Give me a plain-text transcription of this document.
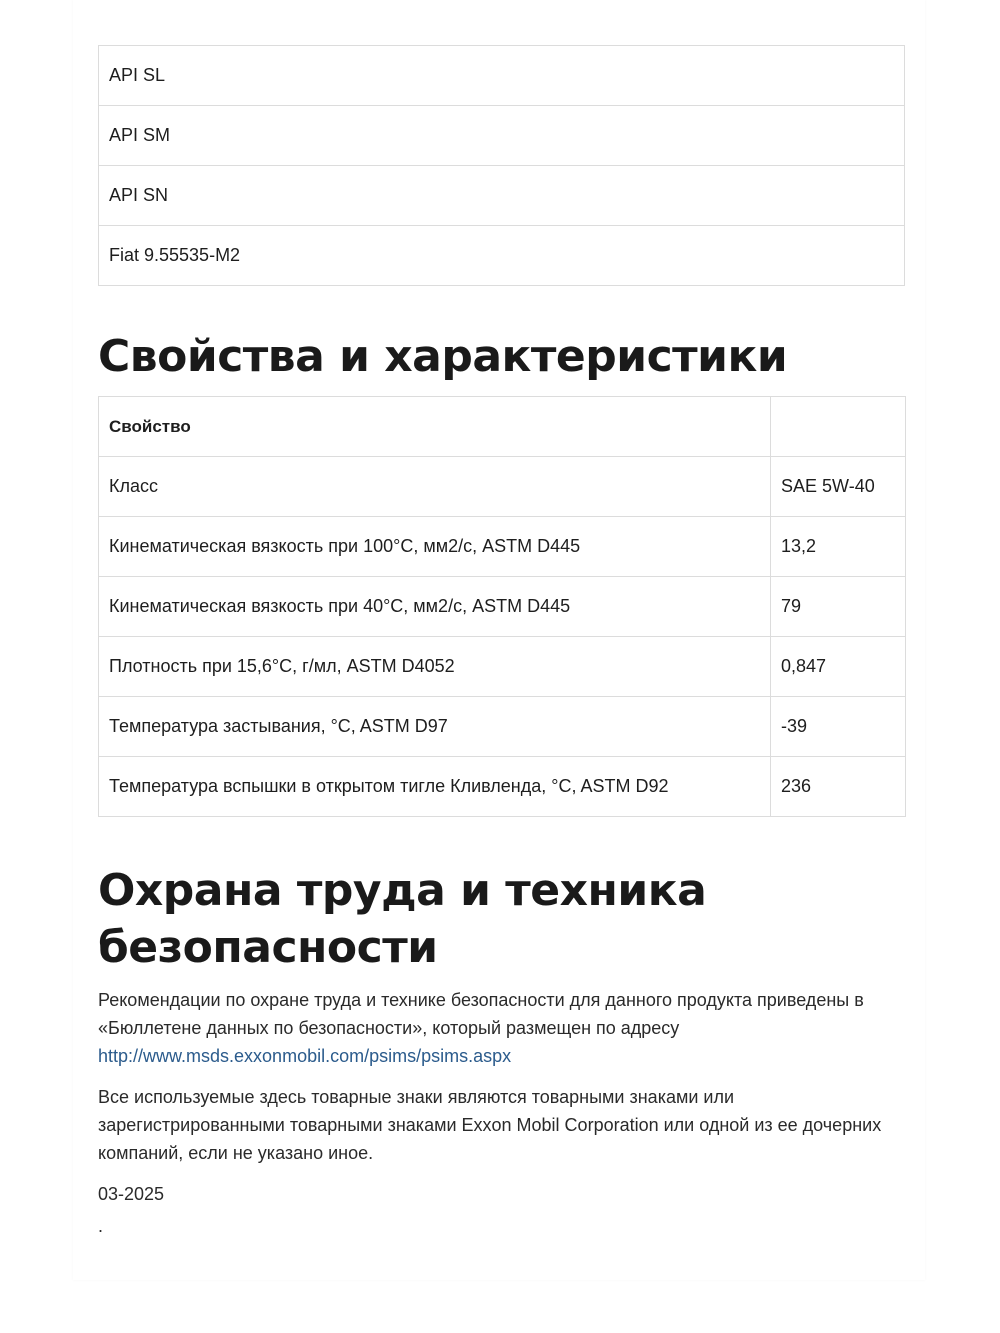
API SL
API SM
API SN
Fiat 9.55535-M2
Свойства и характеристики
Свойство	
Класс	SAE 5W-40
Кинематическая вязкость при 100°C, мм2/с, ASTM D445	13,2
Кинематическая вязкость при 40°C, мм2/с, ASTM D445	79
Плотность при 15,6°C, г/мл, ASTM D4052	0,847
Температура застывания, °C, ASTM D97	-39
Температура вспышки в открытом тигле Кливленда, °C, ASTM D92	236
Охрана труда и техника безопасности

Рекомендации по охране труда и технике безопасности для данного продукта приведены в «Бюллетене данных по безопасности», который размещен по адресу
http://www.msds.exxonmobil.com/psims/psims.aspx

Все используемые здесь товарные знаки являются товарными знаками или зарегистрированными товарными знаками Exxon Mobil Corporation или одной из ее дочерних компаний, если не указано иное.

03-2025

.
